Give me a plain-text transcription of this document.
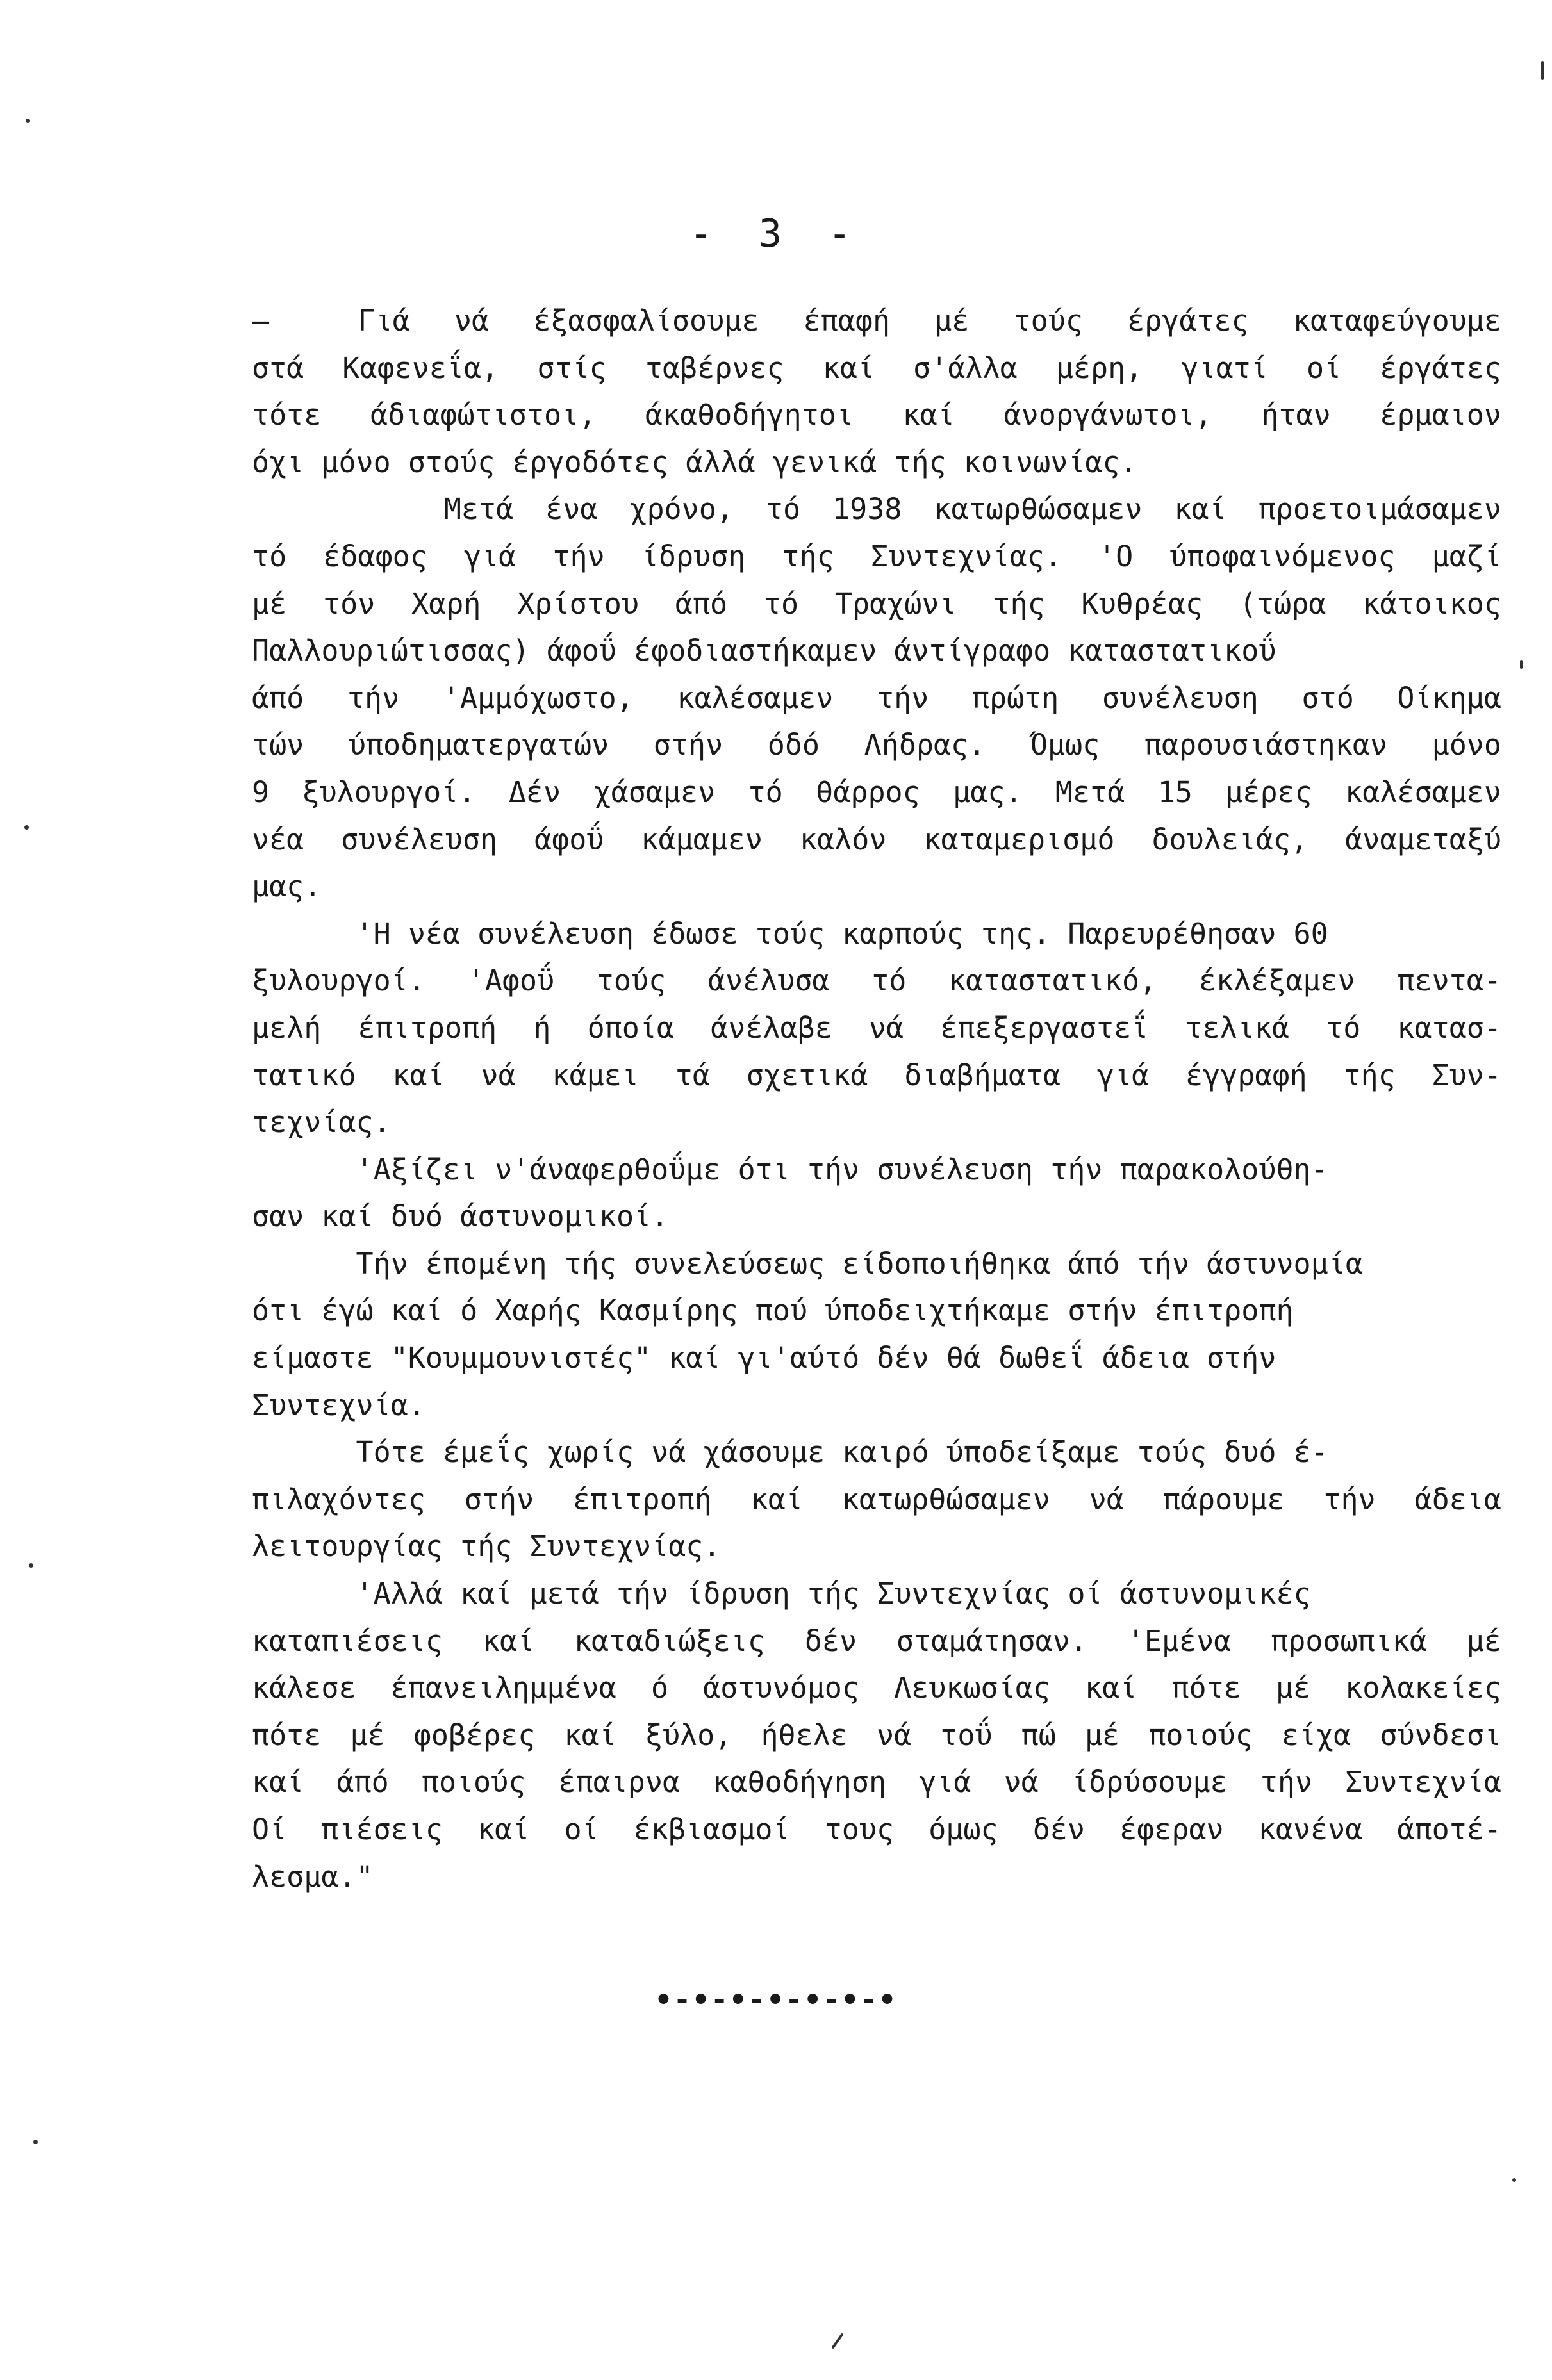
- 3 -
—  Γιά νά έξασφαλίσουμε έπαφή μέ τούς έργάτες καταφεύγουμε
στά Καφενεΐα, στίς ταβέρνες καί σ'άλλα μέρη, γιατί οί έργάτες
τότε άδιαφώτιστοι, άκαθοδήγητοι καί άνοργάνωτοι, ήταν έρμαιον
όχι μόνο στούς έργοδότες άλλά γενικά τής κοινωνίας.
Μετά ένα χρόνο, τό 1938 κατωρθώσαμεν καί προετοιμάσαμεν
τό έδαφος γιά τήν ίδρυση τής Συντεχνίας. 'Ο ύποφαινόμενος μαζί
μέ τόν Χαρή Χρίστου άπό τό Τραχώνι τής Κυθρέας (τώρα κάτοικος
Παλλουριώτισσας) άφοΰ έφοδιαστήκαμεν άντίγραφο καταστατικοΰ
άπό τήν 'Αμμόχωστο, καλέσαμεν τήν πρώτη συνέλευση στό Οίκημα
τών ύποδηματεργατών στήν όδό Λήδρας. Όμως παρουσιάστηκαν μόνο
9 ξυλουργοί. Δέν χάσαμεν τό θάρρος μας. Μετά 15 μέρες καλέσαμεν
νέα συνέλευση άφοΰ κάμαμεν καλόν καταμερισμό δουλειάς, άναμεταξύ
μας.
'Η νέα συνέλευση έδωσε τούς καρπούς της. Παρευρέθησαν 60
ξυλουργοί. 'Αφοΰ τούς άνέλυσα τό καταστατικό, έκλέξαμεν πεντα-
μελή έπιτροπή ή όποία άνέλαβε νά έπεξεργαστεΐ τελικά τό κατασ-
τατικό καί νά κάμει τά σχετικά διαβήματα γιά έγγραφή τής Συν-
τεχνίας.
'Αξίζει ν'άναφερθοΰμε ότι τήν συνέλευση τήν παρακολούθη-
σαν καί δυό άστυνομικοί.
Τήν έπομένη τής συνελεύσεως είδοποιήθηκα άπό τήν άστυνομία
ότι έγώ καί ό Χαρής Κασμίρης πού ύποδειχτήκαμε στήν έπιτροπή
είμαστε "Κουμμουνιστές" καί γι'αύτό δέν θά δωθεΐ άδεια στήν
Συντεχνία.
Τότε έμεΐς χωρίς νά χάσουμε καιρό ύποδείξαμε τούς δυό έ-
πιλαχόντες στήν έπιτροπή καί κατωρθώσαμεν νά πάρουμε τήν άδεια
λειτουργίας τής Συντεχνίας.
'Αλλά καί μετά τήν ίδρυση τής Συντεχνίας οί άστυνομικές
καταπιέσεις καί καταδιώξεις δέν σταμάτησαν. 'Εμένα προσωπικά μέ
κάλεσε έπανειλημμένα ό άστυνόμος Λευκωσίας καί πότε μέ κολακείες
πότε μέ φοβέρες καί ξύλο, ήθελε νά τοΰ πώ μέ ποιούς είχα σύνδεσι
καί άπό ποιούς έπαιρνα καθοδήγηση γιά νά ίδρύσουμε τήν Συντεχνία
Οί πιέσεις καί οί έκβιασμοί τους όμως δέν έφεραν κανένα άποτέ-
λεσμα."
•-•-•-•-•-•-•
